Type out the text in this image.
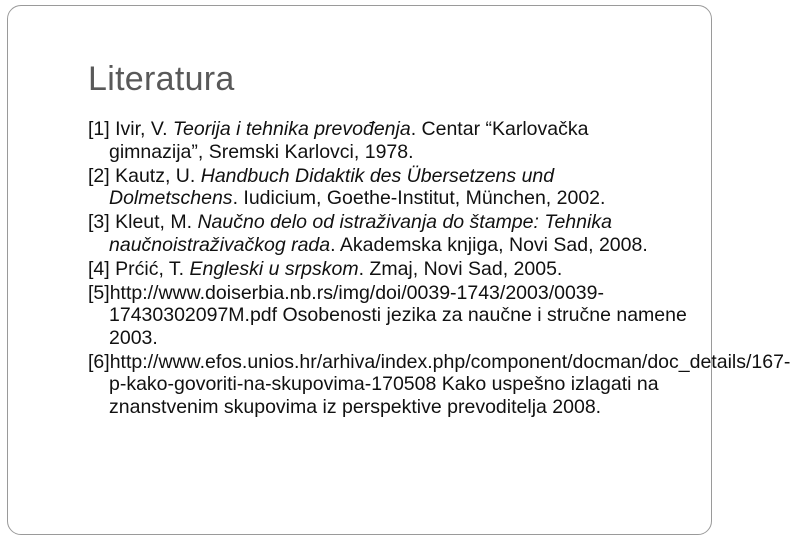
Literatura
[1] Ivir, V. Teorija i tehnika prevođenja. Centar “Karlovačka gimnazija”, Sremski Karlovci, 1978.
[2] Kautz, U. Handbuch Didaktik des Übersetzens und Dolmetschens. Iudicium, Goethe-Institut, München, 2002.
[3] Kleut, M. Naučno delo od istraživanja do štampe: Tehnika naučnoistraživačkog rada. Akademska knjiga, Novi Sad, 2008.
[4] Prćić, T. Engleski u srpskom. Zmaj, Novi Sad, 2005.
[5]http://www.doiserbia.nb.rs/img/doi/0039-1743/2003/0039-17430302097M.pdf Osobenosti jezika za naučne i stručne namene 2003.
[6]http://www.efos.unios.hr/arhiva/index.php/component/docman/doc_details/167-p-kako-govoriti-na-skupovima-170508 Kako uspešno izlagati na znanstvenim skupovima iz perspektive prevoditelja 2008.
